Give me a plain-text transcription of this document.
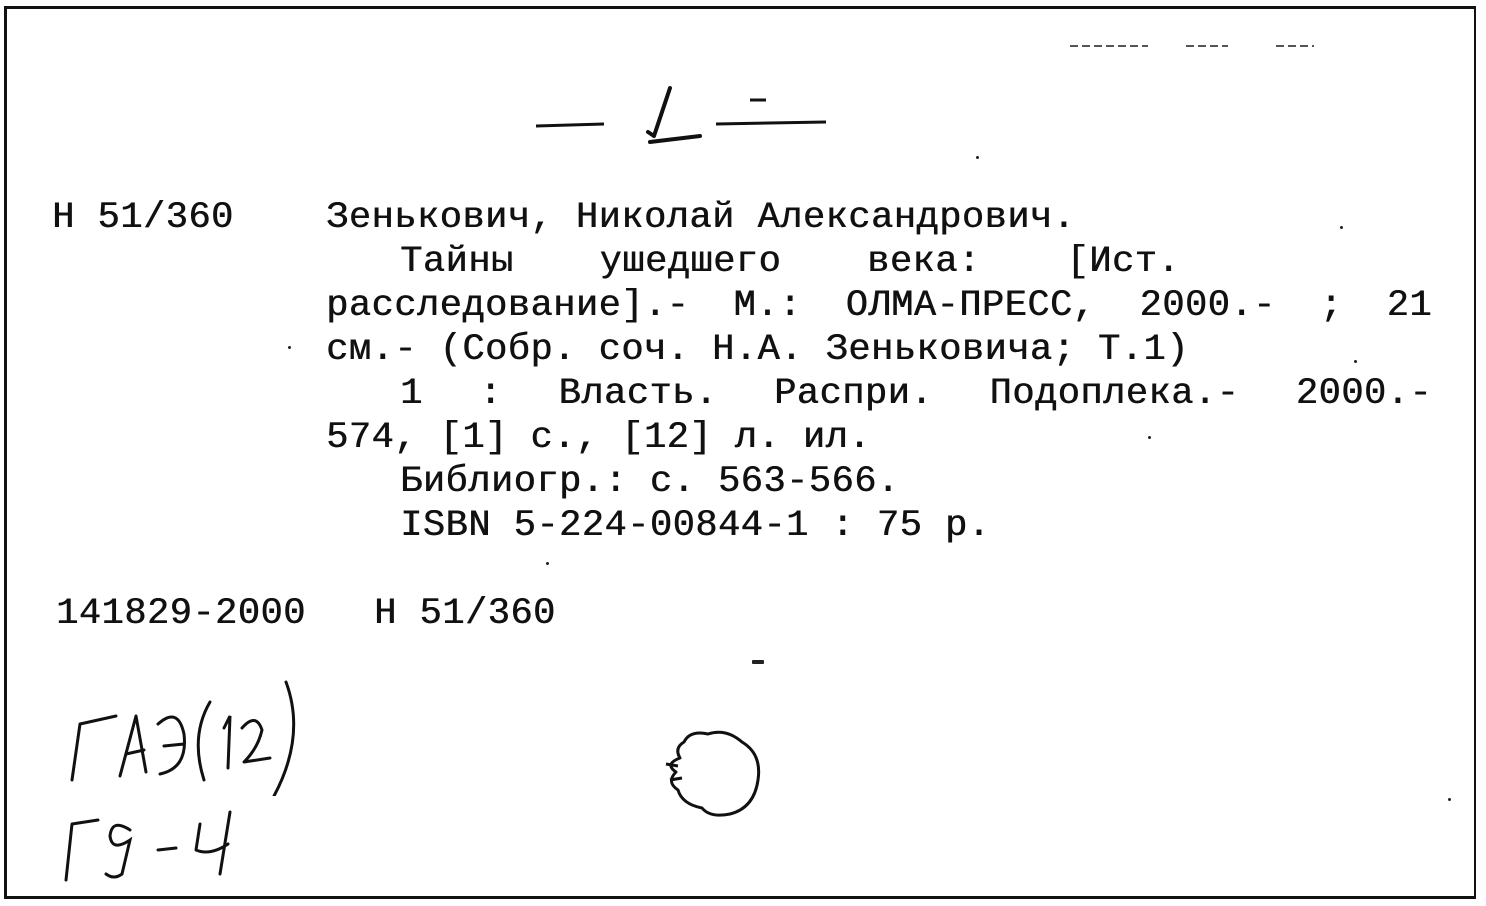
Н 51/360 Зенькович, Николай Александрович.
Тайны ушедшего века: [Ист.
расследование].- М.: ОЛМА-ПРЕСС, 2000.- ; 21
см.- (Собр. соч. Н.А. Зеньковича; Т.1)
1 : Власть. Распри. Подоплека.- 2000.-
574, [1] с., [12] л. ил.
Библиогр.: с. 563-566.
ISBN 5-224-00844-1 : 75 р.
141829-2000 Н 51/360
